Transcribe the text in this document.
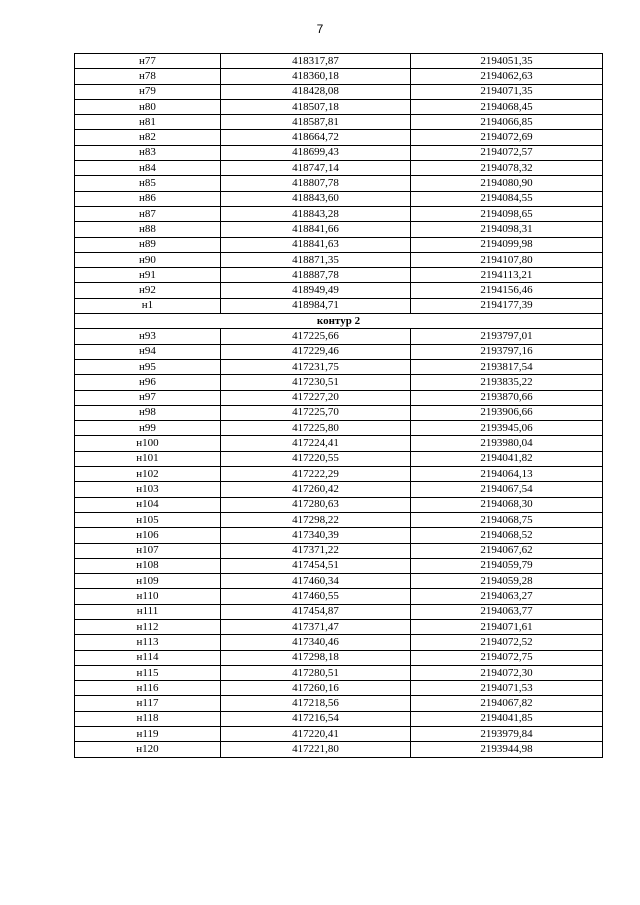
7
н77	418317,87	2194051,35
н78	418360,18	2194062,63
н79	418428,08	2194071,35
н80	418507,18	2194068,45
н81	418587,81	2194066,85
н82	418664,72	2194072,69
н83	418699,43	2194072,57
н84	418747,14	2194078,32
н85	418807,78	2194080,90
н86	418843,60	2194084,55
н87	418843,28	2194098,65
н88	418841,66	2194098,31
н89	418841,63	2194099,98
н90	418871,35	2194107,80
н91	418887,78	2194113,21
н92	418949,49	2194156,46
н1	418984,71	2194177,39
контур 2		
н93	417225,66	2193797,01
н94	417229,46	2193797,16
н95	417231,75	2193817,54
н96	417230,51	2193835,22
н97	417227,20	2193870,66
н98	417225,70	2193906,66
н99	417225,80	2193945,06
н100	417224,41	2193980,04
н101	417220,55	2194041,82
н102	417222,29	2194064,13
н103	417260,42	2194067,54
н104	417280,63	2194068,30
н105	417298,22	2194068,75
н106	417340,39	2194068,52
н107	417371,22	2194067,62
н108	417454,51	2194059,79
н109	417460,34	2194059,28
н110	417460,55	2194063,27
н111	417454,87	2194063,77
н112	417371,47	2194071,61
н113	417340,46	2194072,52
н114	417298,18	2194072,75
н115	417280,51	2194072,30
н116	417260,16	2194071,53
н117	417218,56	2194067,82
н118	417216,54	2194041,85
н119	417220,41	2193979,84
н120	417221,80	2193944,98
